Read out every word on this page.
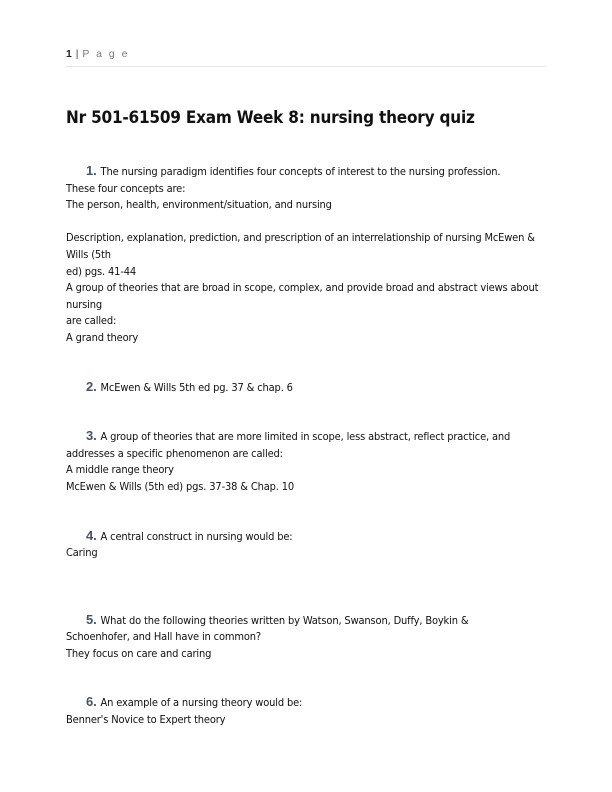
1 | P a g e
Nr 501-61509 Exam Week 8: nursing theory quiz
1. The nursing paradigm identifies four concepts of interest to the nursing profession.
These four concepts are:
The person, health, environment/situation, and nursing
Description, explanation, prediction, and prescription of an interrelationship of nursing McEwen & Wills (5th
ed) pgs. 41-44
A group of theories that are broad in scope, complex, and provide broad and abstract views about nursing
are called:
A grand theory
2. McEwen & Wills 5th ed pg. 37 & chap. 6
3. A group of theories that are more limited in scope, less abstract, reflect practice, and
addresses a specific phenomenon are called:
A middle range theory
McEwen & Wills (5th ed) pgs. 37-38 & Chap. 10
4. A central construct in nursing would be:
Caring
5. What do the following theories written by Watson, Swanson, Duffy, Boykin &
Schoenhofer, and Hall have in common?
They focus on care and caring
6. An example of a nursing theory would be:
Benner's Novice to Expert theory
